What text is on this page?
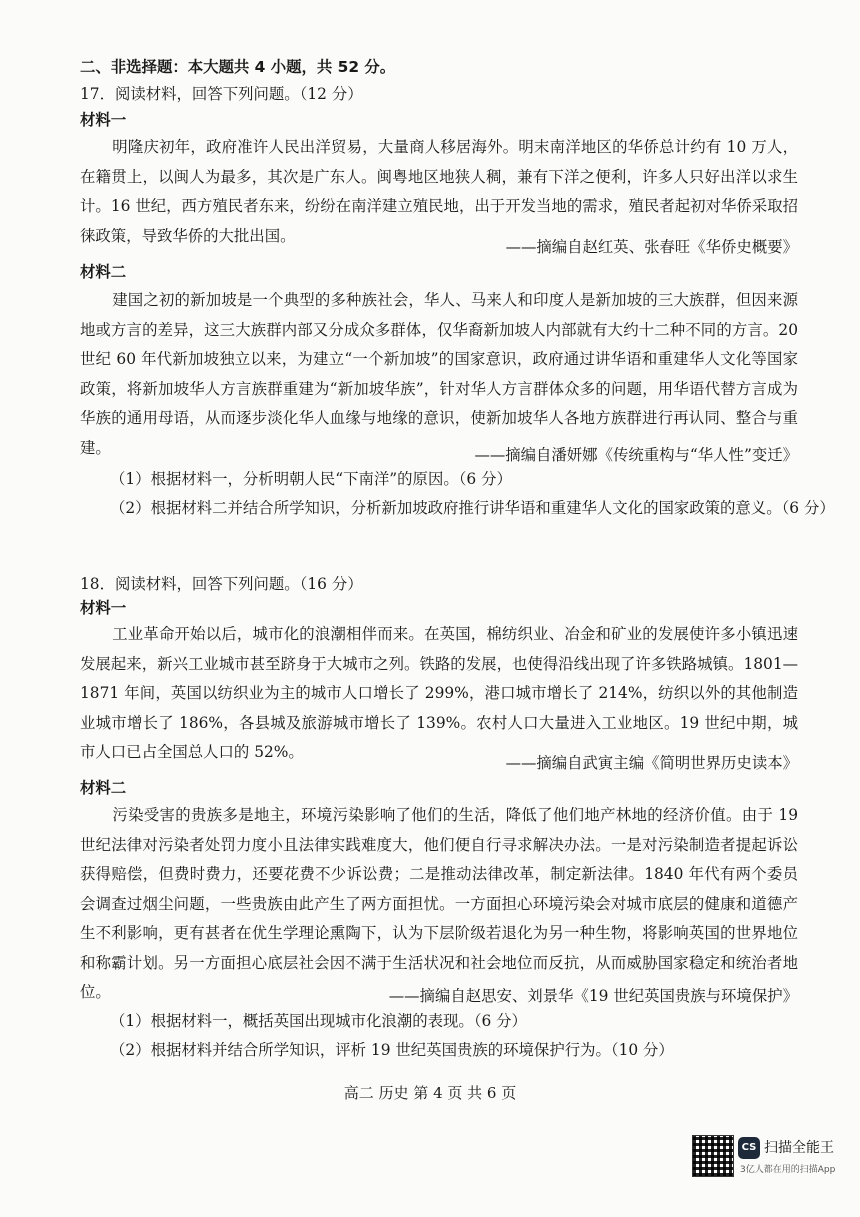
二、非选择题：本大题共 4 小题，共 52 分。
17．阅读材料，回答下列问题。（12 分）
材料一
明隆庆初年，政府准许人民出洋贸易，大量商人移居海外。明末南洋地区的华侨总计约有 10 万人，在籍贯上，以闽人为最多，其次是广东人。闽粤地区地狭人稠，兼有下洋之便利，许多人只好出洋以求生计。16 世纪，西方殖民者东来，纷纷在南洋建立殖民地，出于开发当地的需求，殖民者起初对华侨采取招徕政策，导致华侨的大批出国。
——摘编自赵红英、张春旺《华侨史概要》
材料二
建国之初的新加坡是一个典型的多种族社会，华人、马来人和印度人是新加坡的三大族群，但因来源地或方言的差异，这三大族群内部又分成众多群体，仅华裔新加坡人内部就有大约十二种不同的方言。20 世纪 60 年代新加坡独立以来，为建立“一个新加坡”的国家意识，政府通过讲华语和重建华人文化等国家政策，将新加坡华人方言族群重建为“新加坡华族”，针对华人方言群体众多的问题，用华语代替方言成为华族的通用母语，从而逐步淡化华人血缘与地缘的意识，使新加坡华人各地方族群进行再认同、整合与重建。	——摘编自潘妍娜《传统重构与“华人性”变迁》
（1）根据材料一，分析明朝人民“下南洋”的原因。（6 分）
（2）根据材料二并结合所学知识，分析新加坡政府推行讲华语和重建华人文化的国家政策的意义。（6 分）
18．阅读材料，回答下列问题。（16 分）
材料一
工业革命开始以后，城市化的浪潮相伴而来。在英国，棉纺织业、冶金和矿业的发展使许多小镇迅速发展起来，新兴工业城市甚至跻身于大城市之列。铁路的发展，也使得沿线出现了许多铁路城镇。1801—1871 年间，英国以纺织业为主的城市人口增长了 299%，港口城市增长了 214%，纺织以外的其他制造业城市增长了 186%，各县城及旅游城市增长了 139%。农村人口大量进入工业地区。19 世纪中期，城市人口已占全国总人口的 52%。
——摘编自武寅主编《简明世界历史读本》
材料二
污染受害的贵族多是地主，环境污染影响了他们的生活，降低了他们地产林地的经济价值。由于 19 世纪法律对污染者处罚力度小且法律实践难度大，他们便自行寻求解决办法。一是对污染制造者提起诉讼获得赔偿，但费时费力，还要花费不少诉讼费；二是推动法律改革，制定新法律。1840 年代有两个委员会调查过烟尘问题，一些贵族由此产生了两方面担忧。一方面担心环境污染会对城市底层的健康和道德产生不利影响，更有甚者在优生学理论熏陶下，认为下层阶级若退化为另一种生物，将影响英国的世界地位和称霸计划。另一方面担心底层社会因不满于生活状况和社会地位而反抗，从而威胁国家稳定和统治者地位。	——摘编自赵思安、刘景华《19 世纪英国贵族与环境保护》
（1）根据材料一，概括英国出现城市化浪潮的表现。（6 分）
（2）根据材料并结合所学知识，评析 19 世纪英国贵族的环境保护行为。（10 分）
高二 历史 第 4 页 共 6 页
CS 扫描全能王
3亿人都在用的扫描App
